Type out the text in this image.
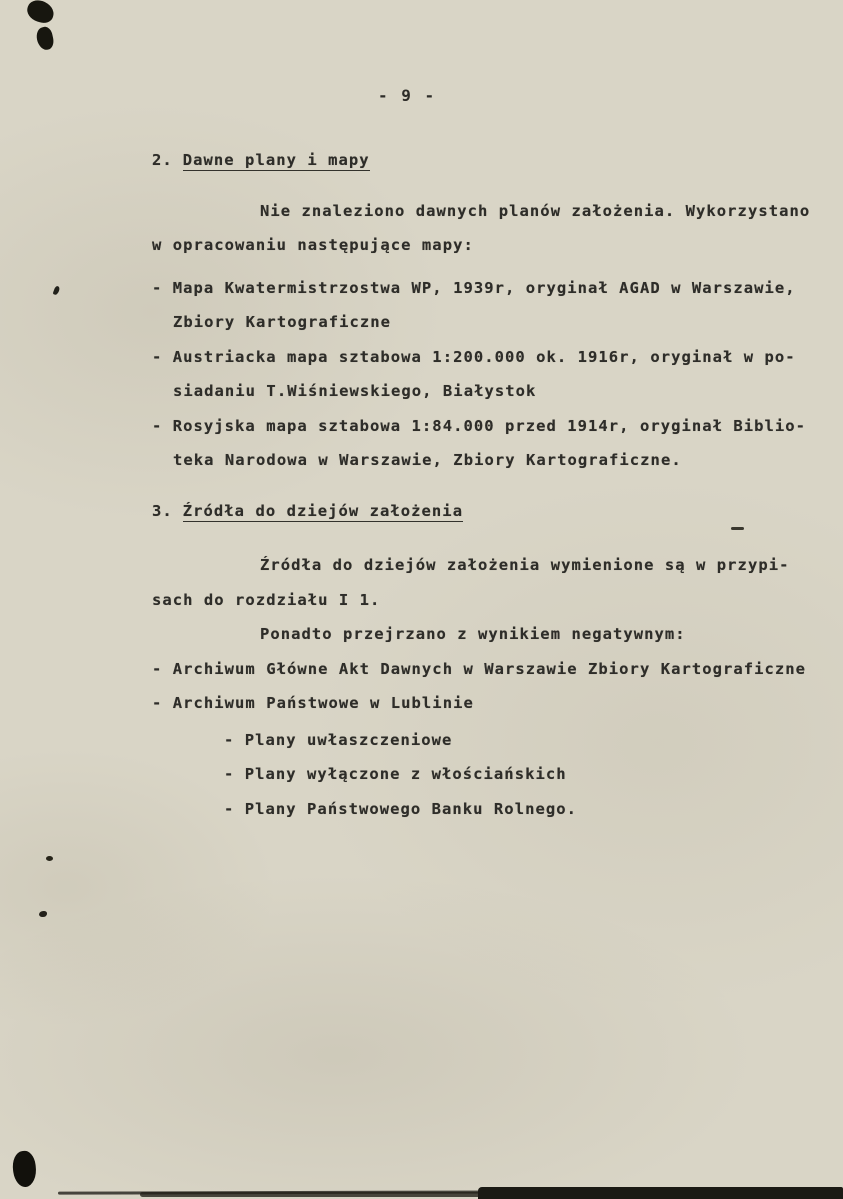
- 9 -
2. Dawne plany i mapy
Nie znaleziono dawnych planów założenia. Wykorzystano
w opracowaniu następujące mapy:
- Mapa Kwatermistrzostwa WP, 1939r, oryginał AGAD w Warszawie,
Zbiory Kartograficzne
- Austriacka mapa sztabowa 1:200.000 ok. 1916r, oryginał w po-
siadaniu T.Wiśniewskiego, Białystok
- Rosyjska mapa sztabowa 1:84.000 przed 1914r, oryginał Biblio-
teka Narodowa w Warszawie, Zbiory Kartograficzne.
3. Źródła do dziejów założenia
Źródła do dziejów założenia wymienione są w przypi-
sach do rozdziału I 1.
Ponadto przejrzano z wynikiem negatywnym:
- Archiwum Główne Akt Dawnych w Warszawie Zbiory Kartograficzne
- Archiwum Państwowe w Lublinie
- Plany uwłaszczeniowe
- Plany wyłączone z włościańskich
- Plany Państwowego Banku Rolnego.
